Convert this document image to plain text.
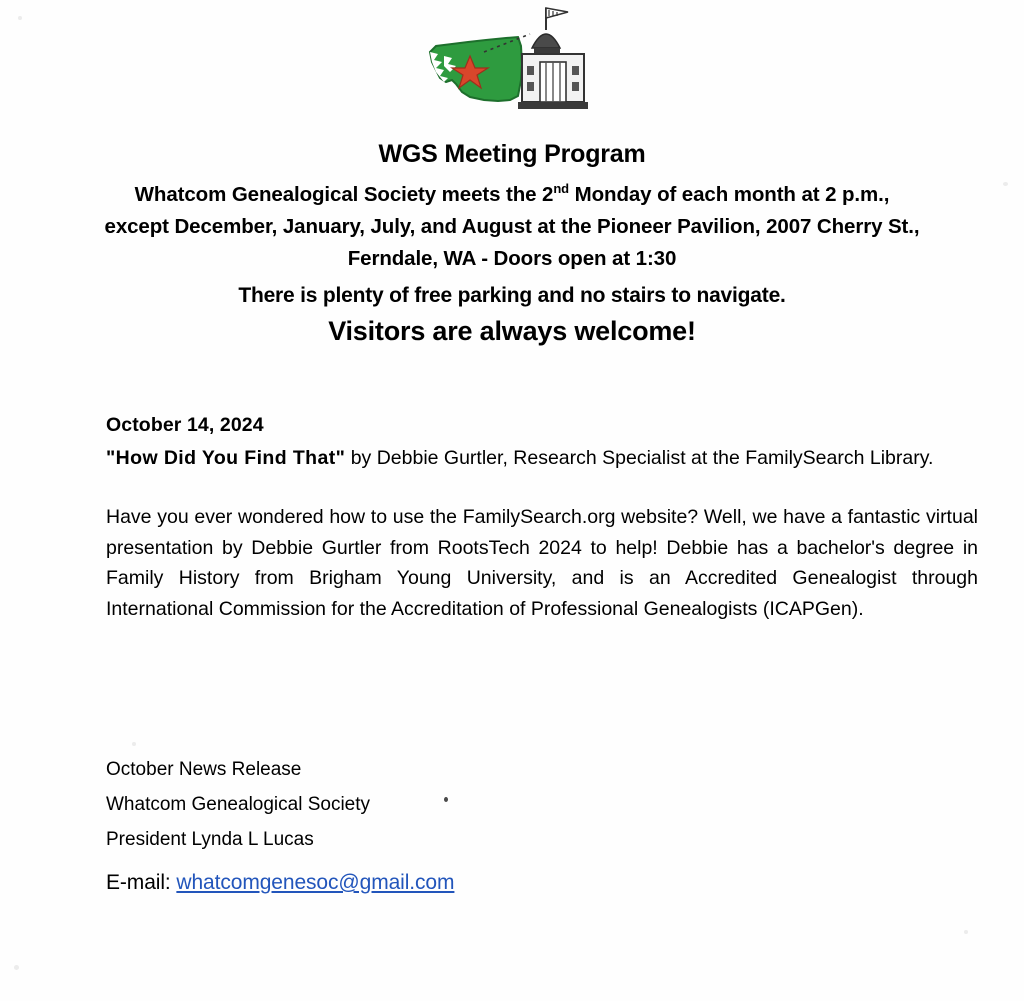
WGS Meeting Program
Whatcom Genealogical Society meets the 2nd Monday of each month at 2 p.m.,
except December, January, July, and August at the Pioneer Pavilion, 2007 Cherry St.,
Ferndale, WA - Doors open at 1:30
There is plenty of free parking and no stairs to navigate.
Visitors are always welcome!
October 14, 2024
"How Did You Find That" by Debbie Gurtler, Research Specialist at the FamilySearch Library.
Have you ever wondered how to use the FamilySearch.org website? Well, we have a fantastic virtual presentation by Debbie Gurtler from RootsTech 2024 to help! Debbie has a bachelor's degree in Family History from Brigham Young University, and is an Accredited Genealogist through International Commission for the Accreditation of Professional Genealogists (ICAPGen).
October News Release
Whatcom Genealogical Society
President Lynda L Lucas
E-mail: whatcomgenesoc@gmail.com
